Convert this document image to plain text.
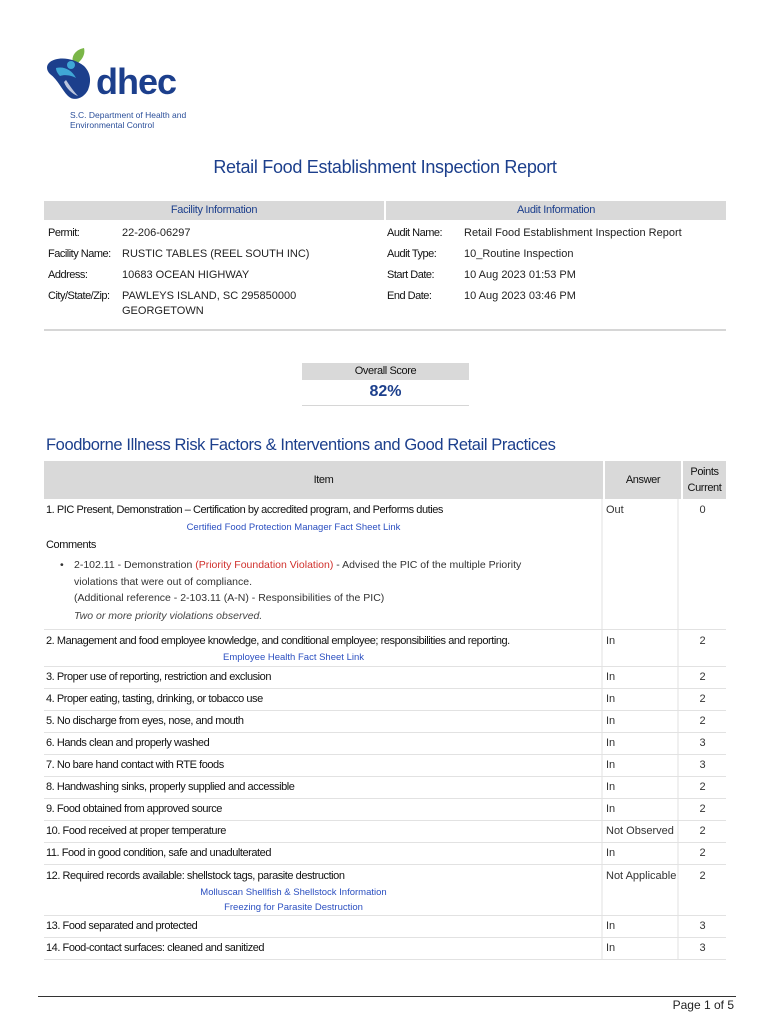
dhec
S.C. Department of Health and
Environmental Control
Retail Food Establishment Inspection Report
Facility Information	Audit Information
Permit:	22-206-06297
Facility Name:	RUSTIC TABLES (REEL SOUTH INC)
Address:	10683 OCEAN HIGHWAY
City/State/Zip:	PAWLEYS ISLAND, SC 295850000
GEORGETOWN
Audit Name:	Retail Food Establishment Inspection Report
Audit Type:	10_Routine Inspection
Start Date:	10 Aug 2023 01:53 PM
End Date:	10 Aug 2023 03:46 PM
Overall Score
82%
Foodborne Illness Risk Factors & Interventions and Good Retail Practices
Item	Answer
Points
Current
1. PIC Present, Demonstration – Certification by accredited program, and Performs duties
Certified Food Protection Manager Fact Sheet Link
Comments
• 2-102.11 - Demonstration (Priority Foundation Violation) - Advised the PIC of the multiple Priority
violations that were out of compliance.
(Additional reference - 2-103.11 (A-N) - Responsibilities of the PIC)
Two or more priority violations observed.
Out	0
2. Management and food employee knowledge, and conditional employee; responsibilities and reporting.
Employee Health Fact Sheet Link
In	2
3. Proper use of reporting, restriction and exclusion	In	2
4. Proper eating, tasting, drinking, or tobacco use	In	2
5. No discharge from eyes, nose, and mouth	In	2
6. Hands clean and properly washed	In	3
7. No bare hand contact with RTE foods	In	3
8. Handwashing sinks, properly supplied and accessible	In	2
9. Food obtained from approved source	In	2
10. Food received at proper temperature	Not Observed	2
11. Food in good condition, safe and unadulterated	In	2
12. Required records available: shellstock tags, parasite destruction
Molluscan Shellfish & Shellstock Information
Freezing for Parasite Destruction
Not Applicable	2
13. Food separated and protected	In	3
14. Food-contact surfaces: cleaned and sanitized	In	3
Page 1 of 5
